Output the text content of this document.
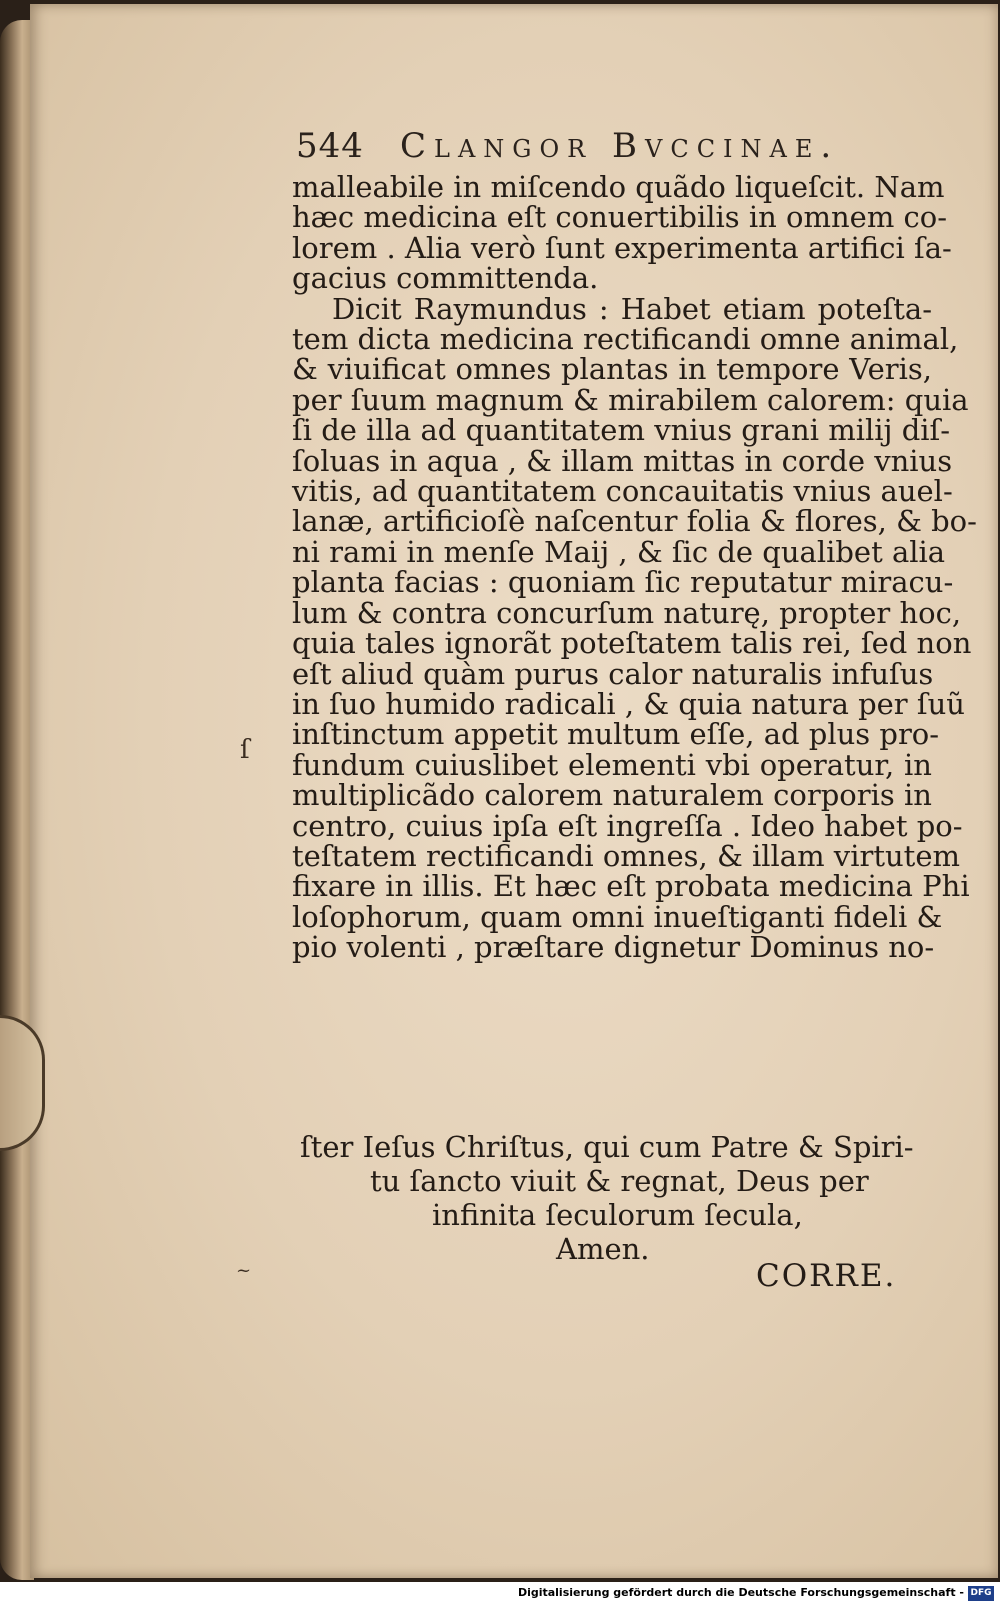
544 Clangor Bvccinae.
malleabile in miſcendo quãdo liqueſcit. Nam
hæc medicina eſt conuertibilis in omnem co-
lorem . Alia verò ſunt experimenta artifici ſa-
gacius committenda.
Dicit Raymundus : Habet etiam poteſta-
tem dicta medicina rectificandi omne animal,
& viuificat omnes plantas in tempore Veris,
per ſuum magnum & mirabilem calorem: quia
ſi de illa ad quantitatem vnius grani milij diſ-
ſoluas in aqua , & illam mittas in corde vnius
vitis, ad quantitatem concauitatis vnius auel-
lanæ, artificioſè naſcentur folia & flores, & bo-
ni rami in menſe Maij , & ſic de qualibet alia
planta facias : quoniam ſic reputatur miracu-
lum & contra concurſum naturę, propter hoc,
quia tales ignorãt poteſtatem talis rei, ſed non
eſt aliud quàm purus calor naturalis infuſus
in ſuo humido radicali , & quia natura per ſuũ
inſtinctum appetit multum eſſe, ad plus pro-
fundum cuiuslibet elementi vbi operatur, in
multiplicãdo calorem naturalem corporis in
centro, cuius ipſa eſt ingreſſa . Ideo habet po-
teſtatem rectificandi omnes, & illam virtutem
fixare in illis. Et hæc eſt probata medicina Phi
loſophorum, quam omni inueſtiganti fideli &
pio volenti , præſtare dignetur Dominus no-
ſter Ieſus Chriſtus, qui cum Patre & Spiri-
tu ſancto viuit & regnat, Deus per
infinita ſeculorum ſecula,
Amen.
CORRE.
ſ
~
Digitalisierung gefördert durch die Deutsche Forschungsgemeinschaft - DFG
